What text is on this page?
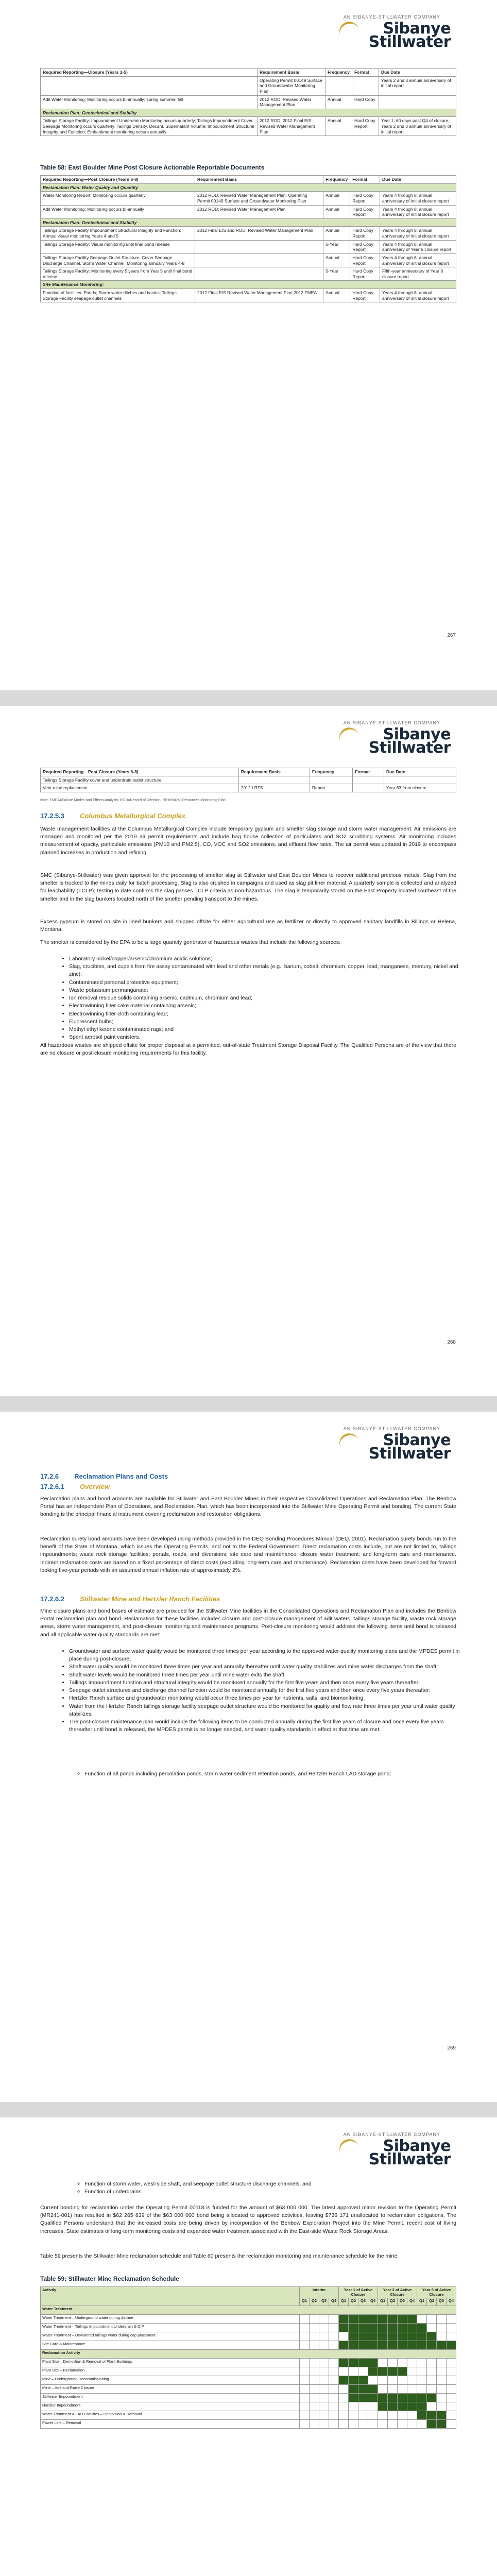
AN SIBANYE-STILLWATER COMPANY
Sibanye
Stillwater
Required Reporting—Closure (Years 1-5)	Requirement Basis	Frequency	Format	Due Date
	Operating Permit 00149 Surface and Groundwater Monitoring Plan			Years 2 and 3 annual anniversary of initial report
Adit Water Monitoring: Monitoring occurs bi-annually; spring summer, fall	2012 ROD; Revised Water Management Plan	Annual	Hard Copy	
Reclamation Plan: Geotechnical and Stability				
Tailings Storage Facility: Impoundment Underdrain Monitoring occurs quarterly; Tailings Impoundment Cover Seepage Monitoring occurs quarterly; Tailings Density, Decant, Supernatant Volume; Impoundment Structural Integrity and Function; Embankment monitoring occurs annually	2012 ROD; 2012 Final EIS Revised Water Management Plan	Annual	Hard Copy Report	Year 1: 60 days past Q4 of closure; Years 2 and 3 annual anniversary of initial report
Table 58: East Boulder Mine Post Closure Actionable Reportable Documents
Required Reporting—Post Closure (Years 6-8)	Requirement Basis	Frequency	Format	Due Date
Reclamation Plan: Water Quality and Quantity				
Water Monitoring Report: Monitoring occurs quarterly	2012 ROD; Revised Water Management Plan; Operating Permit 00149 Surface and Groundwater Monitoring Plan	Annual	Hard Copy Report	Years 4 through 8: annual anniversary of initial closure report
Adit Water Monitoring: Monitoring occurs bi-annually	2012 ROD; Revised Water Management Plan	Annual	Hard Copy Report	Years 4 through 8: annual anniversary of initial closure report
Reclamation Plan: Geotechnical and Stability				
Tailings Storage Facility Impoundment Structural Integrity and Function; Annual visual monitoring Years 4 and 5	2012 Final EIS and ROD; Revised Water Management Plan	Annual	Hard Copy Report	Years 4 through 8: annual anniversary of initial closure report
Tailings Storage Facility: Visual monitoring until final bond release		5-Year	Hard Copy Report	Years 4 through 8: annual anniversary of Year 5 closure report
Tailings Storage Facility Seepage Outlet Structure, Cover Seepage Discharge Channel, Storm Water Channel: Monitoring annually Years 4-8		Annual	Hard Copy Report	Years 4 through 8: annual anniversary of initial closure report
Tailings Storage Facility: Monitoring every 5 years from Year 5 until final bond release		5-Year	Hard Copy Report	Fifth-year anniversary of Year 8 closure report
Site Maintenance Monitoring:				
Function of facilities: Ponds; Storm water ditches and basins; Tailings Storage Facility seepage outlet channels	2012 Final EIS Revised Water Management Plan 2012 FMEA	Annual	Hard Copy Report	Years 4 through 8: annual anniversary of initial closure report
267
AN SIBANYE-STILLWATER COMPANY
Sibanye
Stillwater
Required Reporting—Post Closure (Years 6-8)	Requirement Basis	Frequency	Format	Due Date
Tailings Storage Facility cover and underdrain outlet structure				
Vent raise replacement	2012 LRTS	Report		Year 63 from closure
Note: FMEA=Failure Modes and Effects Analysis; ROD=Record of Decision; RPMP=Rail Resources Monitoring Plan
17.2.5.3 Columbus Metallurgical Complex
Waste management facilities at the Columbus Metallurgical Complex include temporary gypsum and smelter slag storage and storm water management. Air emissions are managed and monitored per the 2019 air permit requirements and include bag house collection of particulates and SO2 scrubbing systems. Air monitoring includes measurement of opacity, particulate emissions (PM10 and PM2.5), CO, VOC and SO2 emissions, and effluent flow rates. The air permit was updated in 2019 to encompass planned increases in production and refining.
SMC (Sibanye-Stillwater) was given approval for the processing of smelter slag at Stillwater and East Boulder Mines to recover additional precious metals. Slag from the smelter is trucked to the mines daily for batch processing. Slag is also crushed in campaigns and used as slag pit liner material. A quarterly sample is collected and analyzed for leachability (TCLP); testing to date confirms the slag passes TCLP criteria as non-hazardous. The slag is temporarily stored on the East Property located southeast of the smelter and in the slag bunkers located north of the smelter pending transport to the mines.
Excess gypsum is stored on site in lined bunkers and shipped offsite for either agricultural use as fertilizer or directly to approved sanitary landfills in Billings or Helena, Montana.
The smelter is considered by the EPA to be a large quantity generator of hazardous wastes that include the following sources:
• Laboratory nickel/copper/arsenic/chromium acidic solutions;
• Slag, crucibles, and cupels from fire assay contaminated with lead and other metals (e.g., barium, cobalt, chromium, copper, lead, manganese, mercury, nickel and zinc);
• Contaminated personal protective equipment;
• Waste potassium permanganate;
• Ion removal residue solids containing arsenic, cadmium, chromium and lead;
• Electrowinning filter cake material containing arsenic;
• Electrowinning filter cloth containing lead;
• Fluorescent bulbs;
• Methyl ethyl ketone contaminated rags; and
• Spent aerosol paint canisters.
All hazardous wastes are shipped offsite for proper disposal at a permitted, out-of-state Treatment Storage Disposal Facility. The Qualified Persons are of the view that there are no closure or post-closure monitoring requirements for this facility.
268
AN SIBANYE-STILLWATER COMPANY
Sibanye
Stillwater
17.2.6 Reclamation Plans and Costs
17.2.6.1 Overview
Reclamation plans and bond amounts are available for Stillwater and East Boulder Mines in their respective Consolidated Operations and Reclamation Plan. The Benbow Portal has an independent Plan of Operations, and Reclamation Plan, which has been incorporated into the Stillwater Mine Operating Permit and bonding. The current State bonding is the principal financial instrument covering reclamation and restoration obligations.
Reclamation surety bond amounts have been developed using methods provided in the DEQ Bonding Procedures Manual (DEQ, 2001). Reclamation surety bonds run to the benefit of the State of Montana, which issues the Operating Permits, and not to the Federal Government. Direct reclamation costs include, but are not limited to, tailings impoundments; waste rock storage facilities; portals, roads, and diversions; site care and maintenance; closure water treatment; and long-term care and maintenance. Indirect reclamation costs are based on a fixed percentage of direct costs (excluding long-term care and maintenance). Reclamation costs have been developed for forward looking five-year periods with an assumed annual inflation rate of approximately 2%.
17.2.6.2 Stillwater Mine and Hertzler Ranch Facilities
Mine closure plans and bond bases of estimate are provided for the Stillwater Mine facilities in the Consolidated Operations and Reclamation Plan and includes the Benbow Portal reclamation plan and bond. Reclamation for these facilities includes closure and post-closure management of adit waters, tailings storage facility, waste rock storage areas, storm water management, and post-closure monitoring and maintenance programs. Post-closure monitoring would address the following items until bond is released and all applicable water quality standards are met:
• Groundwater and surface water quality would be monitored three times per year according to the approved water quality monitoring plans and the MPDES permit in place during post-closure;
• Shaft water quality would be monitored three times per year and annually thereafter until water quality stabilizes and mine water discharges from the shaft;
• Shaft water levels would be monitored three times per year until mine water exits the shaft;
• Tailings impoundment function and structural integrity would be monitored annually for the first five years and then once every five years thereafter;
• Seepage outlet structures and discharge channel function would be monitored annually for the first five years and then once every five years thereafter;
• Hertzler Ranch surface and groundwater monitoring would occur three times per year for nutrients, salts, and biomonitoring;
• Water from the Hertzler Ranch tailings storage facility seepage outlet structure would be monitored for quality and flow rate three times per year until water quality stabilizes;
• The post-closure maintenance plan would include the following items to be conducted annually during the first five years of closure and once every five years thereafter until bond is released, the MPDES permit is no longer needed, and water quality standards in effect at that time are met:
◦ Function of all ponds including percolation ponds, storm water sediment retention ponds, and Hertzler Ranch LAD storage pond;
269
AN SIBANYE-STILLWATER COMPANY
Sibanye
Stillwater
◦ Function of storm water, west-side shaft, and seepage outlet structure discharge channels; and
◦ Function of underdrains.
Current bonding for reclamation under the Operating Permit 00118 is funded for the amount of $63 000 000. The latest approved minor revision to the Operating Permit (MR241-001) has resulted in $62 265 839 of the $63 000 000 bond being allocated to approved activities, leaving $736 171 unallocated to reclamation obligations. The Qualified Persons understand that the increased costs are being driven by incorporation of the Benbow Exploration Project into the Mine Permit, recent cost of living increases, State estimates of long-term monitoring costs and expanded water treatment associated with the East-side Waste Rock Storage Areas.
Table 59 presents the Stillwater Mine reclamation schedule and Table 60 presents the reclamation monitoring and maintenance schedule for the mine.
Table 59: Stillwater Mine Reclamation Schedule
Activity	Interim				Year 1 of Active Closure				Year 2 of Active Closure				Year 3 of Active Closure			
	Q1	Q2	Q3	Q4	Q1	Q2	Q3	Q4	Q1	Q2	Q3	Q4	Q1	Q2	Q3	Q4
Water Treatment																
Water Treatment – Underground water during decline																
Water Treatment – Tailings Impoundment Underdrain & CIP																
Water Treatment – Dewatered tailings water during cap placement																
Site Care & Maintenance																
Reclamation Activity																
Plant Site – Demolition & Removal of Plant Buildings																
Plant Site – Reclamation																
Mine – Underground Decommissioning																
Mine – Adit and Raise Closure																
Stillwater Impoundment																
Hertzler Impoundment																
Water Treatment & LAD Facilities – Demolition & Removal																
Power Line – Removal																
